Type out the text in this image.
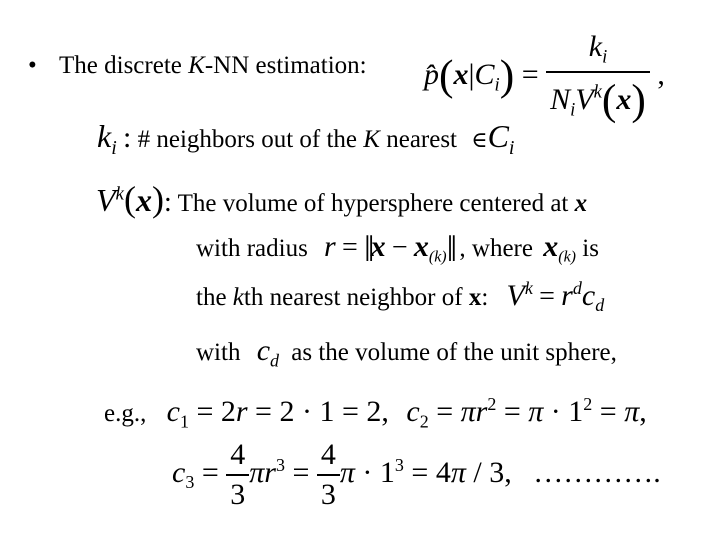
• The discrete K-NN estimation: $p̂(x|C_i) = \frac{k_i}{N_iV^k(x)}$ ,
$k_i$ : # neighbors out of the K nearest $\in C_i$
$V^k(x)$: The volume of hypersphere centered at x
with radius r = ‖x − $x_{(k)}‖$ , where $x_{(k)}$ is
the kth nearest neighbor of x: $V^k = r^dc_d$
with $c_d$ as the volume of the unit sphere,
e.g., $c_1 = 2r = 2 \cdot 1 = 2$, $c_2 = \pi r^2 = \pi \cdot 1^2 = \pi$,
$c_3 = \frac{4}{3} \pi r^3 = \frac{4}{3}$ $\pi \cdot 1^3 = 4\pi / 3$, ………….
